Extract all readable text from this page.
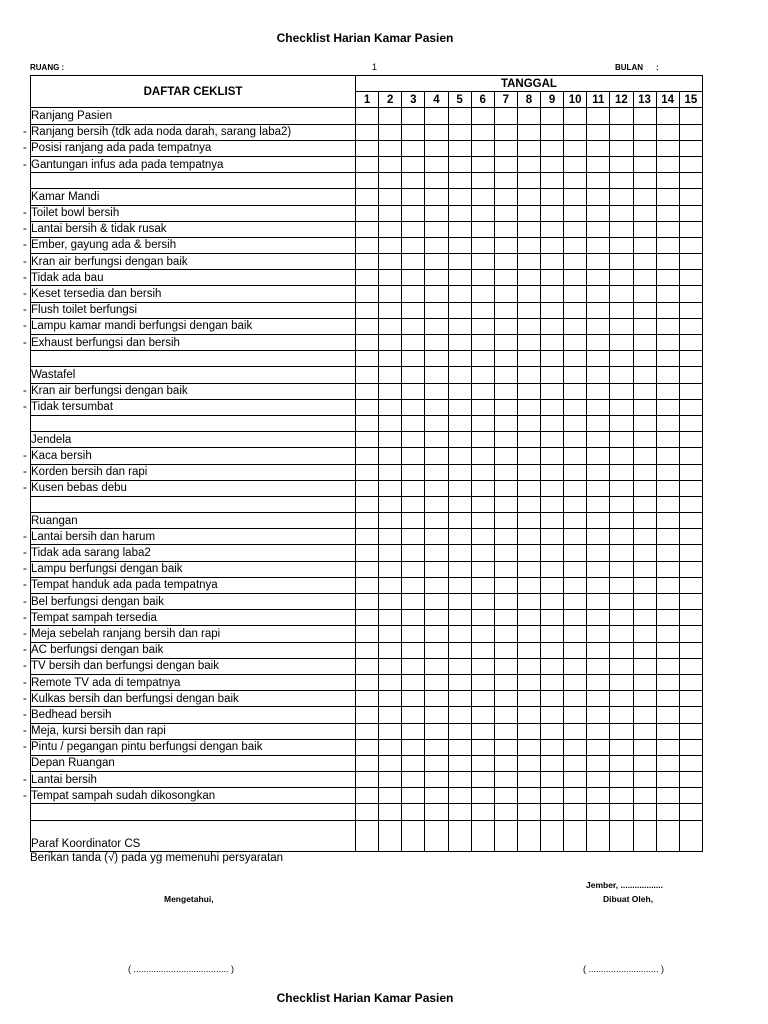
Checklist Harian Kamar Pasien
RUANG :	1	BULAN :
DAFTAR CEKLIST	TANGGAL														
	1	2	3	4	5	6	7	8	9	10	11	12	13	14	15
Ranjang Pasien															

- Ranjang bersih (tdk ada noda darah, sarang laba2)															

- Posisi ranjang ada pada tempatnya															

- Gantungan infus ada pada tempatnya															

Kamar Mandi															

- Toilet bowl bersih															

- Lantai bersih & tidak rusak															

- Ember, gayung ada & bersih															

- Kran air berfungsi dengan baik															

- Tidak ada bau															

- Keset tersedia dan bersih															

- Flush toilet berfungsi															

- Lampu kamar mandi berfungsi dengan baik															

- Exhaust berfungsi dan bersih															

Wastafel															

- Kran air berfungsi dengan baik															

- Tidak tersumbat															

Jendela															

- Kaca bersih															

- Korden bersih dan rapi															

- Kusen bebas debu															

Ruangan															

- Lantai bersih dan harum															

- Tidak ada sarang laba2															

- Lampu berfungsi dengan baik															

- Tempat handuk ada pada tempatnya															

- Bel berfungsi dengan baik															

- Tempat sampah tersedia															

- Meja sebelah ranjang bersih dan rapi															

- AC berfungsi dengan baik															

- TV bersih dan berfungsi dengan baik															

- Remote TV ada di tempatnya															

- Kulkas bersih dan berfungsi dengan baik															

- Bedhead bersih															

- Meja, kursi bersih dan rapi															

- Pintu / pegangan pintu berfungsi dengan baik															
Depan Ruangan															

- Lantai bersih															

- Tempat sampah sudah dikosongkan															

Paraf Koordinator CS															
Berikan tanda (√) pada yg memenuhi persyaratan
Jember, ..................
Mengetahui,	Dibuat Oleh,
( ...................................... )	( ............................ )
Checklist Harian Kamar Pasien
